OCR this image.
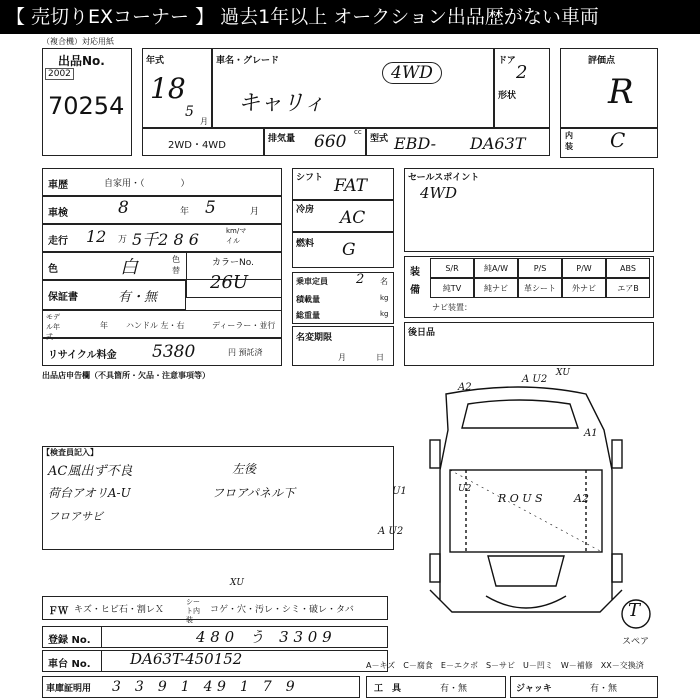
【 売切りEXコーナー 】 過去1年以上 オークション出品歴がない車両
（複合機）対応用紙
出品No.
2002
70254
年式
18
5
月
車名・グレード
キャリィ
4WD
ドア
2
形状
評価点
R
内装 C
2WD・4WD
排気量 660 cc
型式 EBD- DA63T
車歴	自家用・（　　　　）
車検	8	年 5	月
走行 12 万 5千2 8 6	km/マイル
色	白	色替
カラーNo.
26U
保証書	有・無
モデル年式
年 ハンドル 左・右	ディーラー・並行
リサイクル料金 5380	円 預託済
シフト FAT
冷房 AC
燃料 G
乗車定員 2 名
積載量	kg
総重量	kg
名変期限
月日
セールスポイント
4WD
装備
ナビ装置：
後日品
出品店申告欄（不具箇所・欠品・注意事項等）
【検査員記入】
AC風出ず不良
荷台アオリA-U
フロアサビ
左後
フロアパネル下
A2
A U2
XU
A1
U1	U2
A U2
R O U S	A2
XU
T
スペア
ＦＷ キズ・ヒビ石・割レＸ
シート内装
コゲ・穴・汚レ・シミ・破レ・タバ
登録 No.	4 8 0　う　3 3 0 9
車台 No.	DA63T-450152	A－キズ　C－腐食　E－エクボ　S－サビ　U－凹ミ　W－補修　XX－交換済
車庫証明用 3　3　9　1　4 9　1　7　9	工　具	有・無	ジャッキ	有・無
S/R	純A/W	P/S	P/W	ABS
純TV	純ナビ	革シート	外ナビ	エアB
